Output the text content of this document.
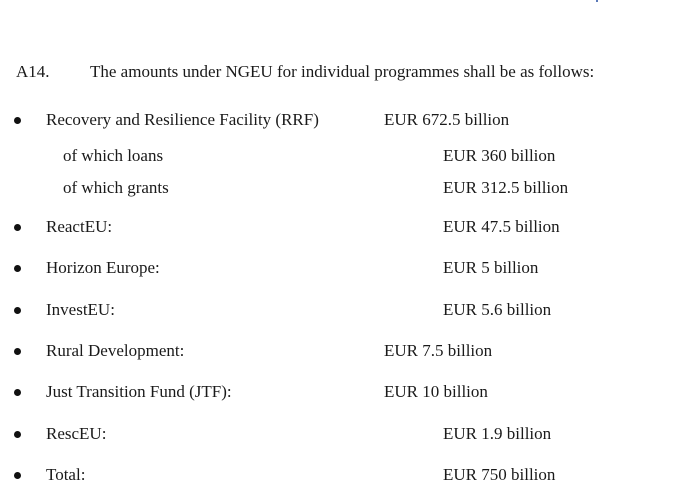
A14. The amounts under NGEU for individual programmes shall be as follows:
Recovery and Resilience Facility (RRF)	EUR 672.5 billion
of which loans	EUR 360 billion
of which grants	EUR 312.5 billion
ReactEU:	EUR 47.5 billion
Horizon Europe:	EUR 5 billion
InvestEU:	EUR 5.6 billion
Rural Development:	EUR 7.5 billion
Just Transition Fund (JTF):	EUR 10 billion
RescEU:	EUR 1.9 billion
Total:	EUR 750 billion
